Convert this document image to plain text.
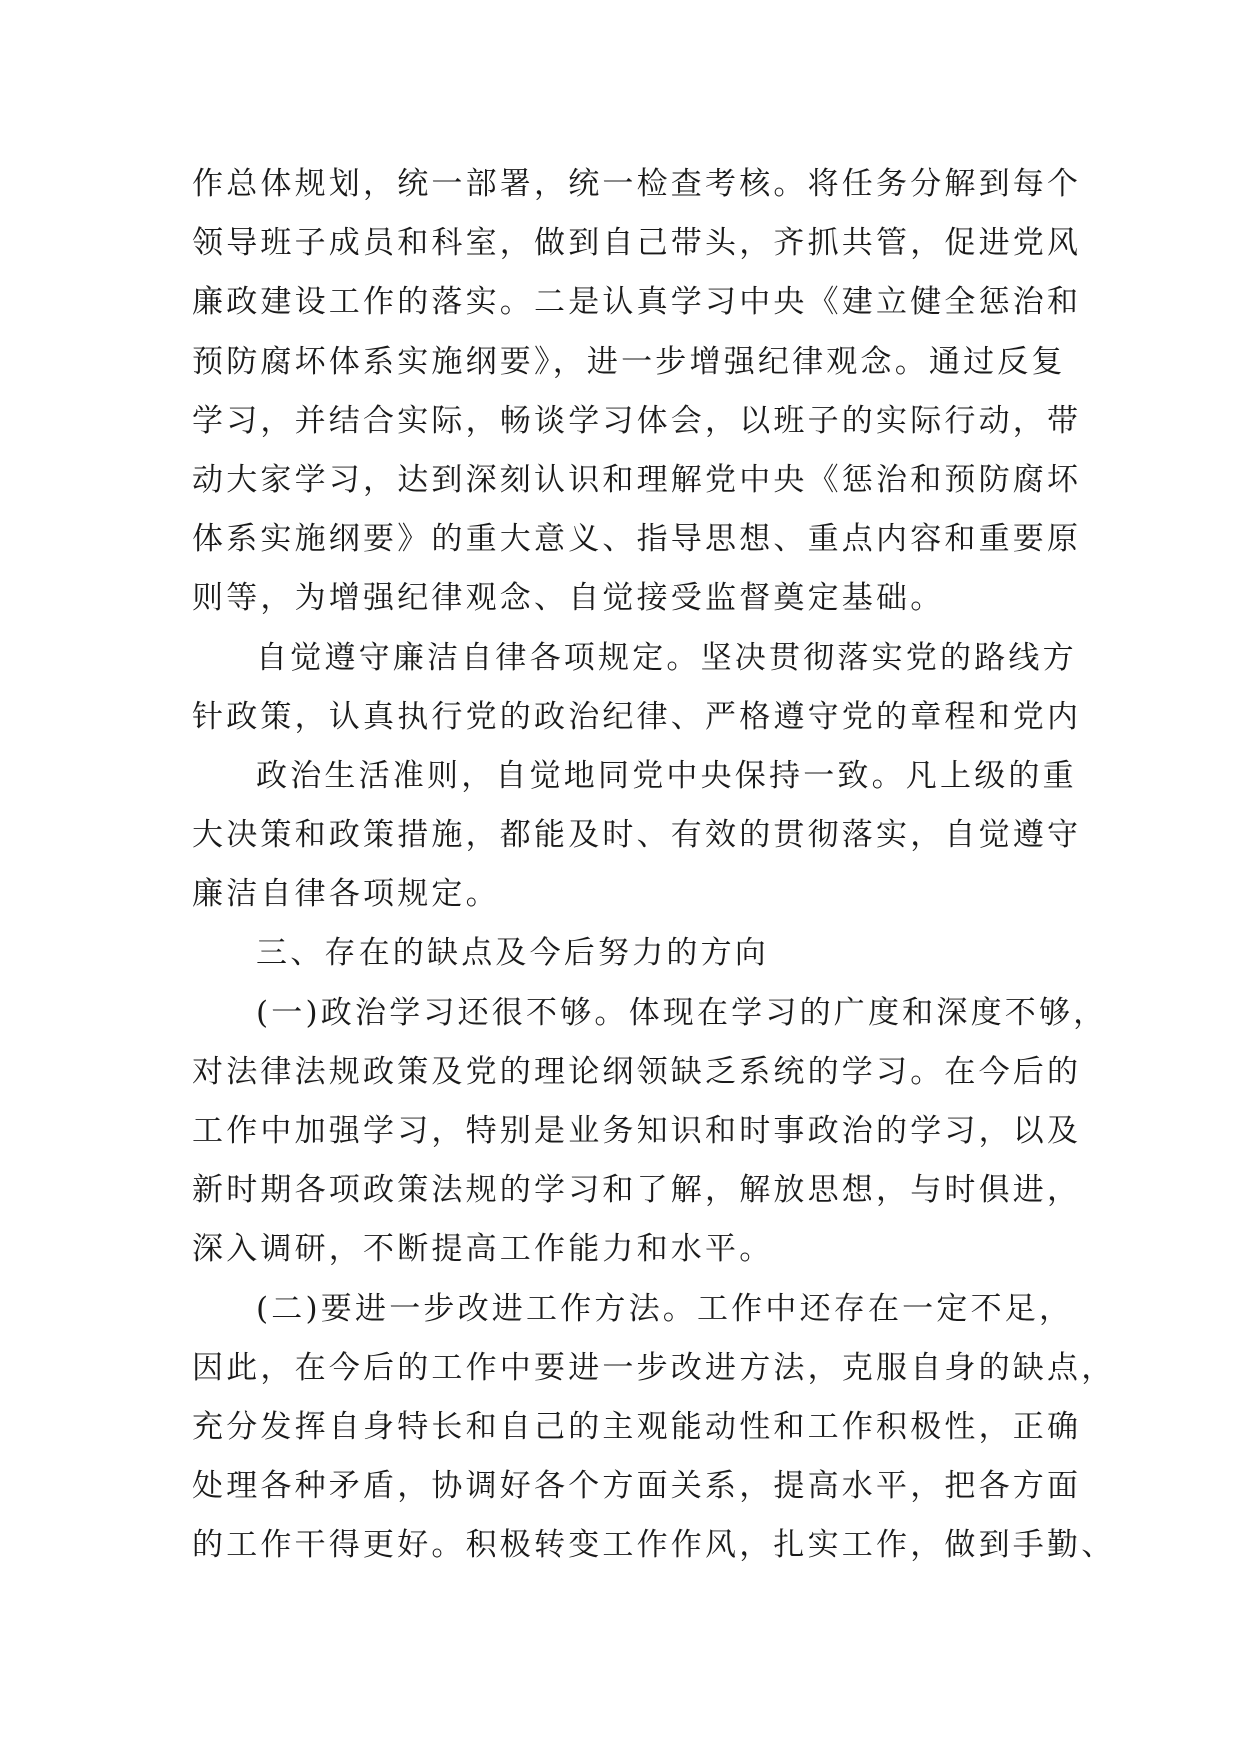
作总体规划，统一部署，统一检查考核。将任务分解到每个
领导班子成员和科室，做到自己带头，齐抓共管，促进党风
廉政建设工作的落实。二是认真学习中央《建立健全惩治和
预防腐坏体系实施纲要》，进一步增强纪律观念。通过反复
学习，并结合实际，畅谈学习体会，以班子的实际行动，带
动大家学习，达到深刻认识和理解党中央《惩治和预防腐坏
体系实施纲要》的重大意义、指导思想、重点内容和重要原
则等，为增强纪律观念、自觉接受监督奠定基础。
自觉遵守廉洁自律各项规定。坚决贯彻落实党的路线方
针政策，认真执行党的政治纪律、严格遵守党的章程和党内
政治生活准则，自觉地同党中央保持一致。凡上级的重
大决策和政策措施，都能及时、有效的贯彻落实，自觉遵守
廉洁自律各项规定。
三、存在的缺点及今后努力的方向
(一)政治学习还很不够。体现在学习的广度和深度不够，
对法律法规政策及党的理论纲领缺乏系统的学习。在今后的
工作中加强学习，特别是业务知识和时事政治的学习，以及
新时期各项政策法规的学习和了解，解放思想，与时俱进，
深入调研，不断提高工作能力和水平。
(二)要进一步改进工作方法。工作中还存在一定不足，
因此，在今后的工作中要进一步改进方法，克服自身的缺点，
充分发挥自身特长和自己的主观能动性和工作积极性，正确
处理各种矛盾，协调好各个方面关系，提高水平，把各方面
的工作干得更好。积极转变工作作风，扎实工作，做到手勤、
